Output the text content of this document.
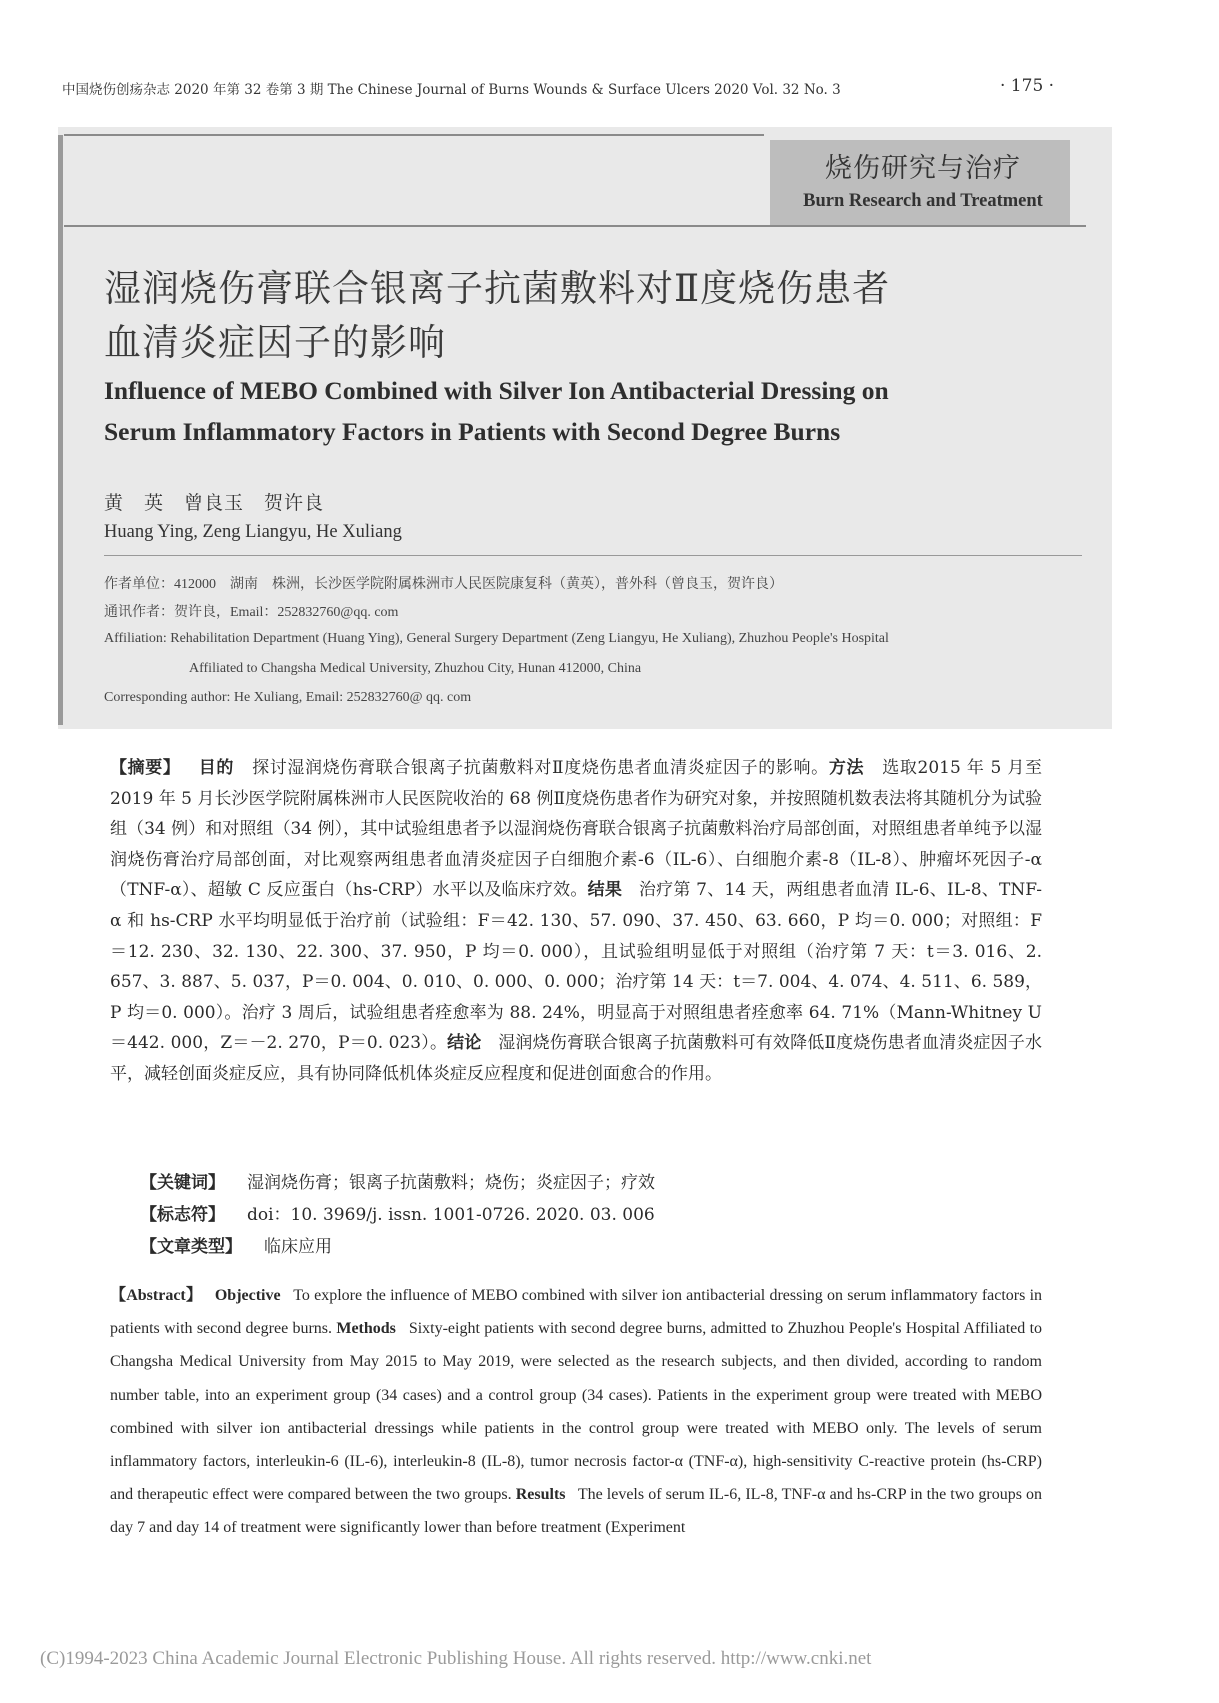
中国烧伤创疡杂志 2020 年第 32 卷第 3 期 The Chinese Journal of Burns Wounds & Surface Ulcers 2020 Vol. 32 No. 3	· 175 ·
烧伤研究与治疗
Burn Research and Treatment
湿润烧伤膏联合银离子抗菌敷料对Ⅱ度烧伤患者
血清炎症因子的影响
Influence of MEBO Combined with Silver Ion Antibacterial Dressing on
Serum Inflammatory Factors in Patients with Second Degree Burns
黄　英　曾良玉　贺许良
Huang Ying, Zeng Liangyu, He Xuliang
作者单位：412000　湖南　株洲，长沙医学院附属株洲市人民医院康复科（黄英），普外科（曾良玉，贺许良）
通讯作者：贺许良，Email：252832760@qq. com
Affiliation: Rehabilitation Department (Huang Ying), General Surgery Department (Zeng Liangyu, He Xuliang), Zhuzhou People's Hospital
Affiliated to Changsha Medical University, Zhuzhou City, Hunan 412000, China
Corresponding author: He Xuliang, Email: 252832760@ qq. com
【摘要】 目的 探讨湿润烧伤膏联合银离子抗菌敷料对Ⅱ度烧伤患者血清炎症因子的影响。方法 选取2015 年 5 月至 2019 年 5 月长沙医学院附属株洲市人民医院收治的 68 例Ⅱ度烧伤患者作为研究对象，并按照随机数表法将其随机分为试验组（34 例）和对照组（34 例），其中试验组患者予以湿润烧伤膏联合银离子抗菌敷料治疗局部创面，对照组患者单纯予以湿润烧伤膏治疗局部创面，对比观察两组患者血清炎症因子白细胞介素-6（IL-6）、白细胞介素-8（IL-8）、肿瘤坏死因子-α（TNF-α）、超敏 C 反应蛋白（hs-CRP）水平以及临床疗效。结果 治疗第 7、14 天，两组患者血清 IL-6、IL-8、TNF-α 和 hs-CRP 水平均明显低于治疗前（试验组：F＝42. 130、57. 090、37. 450、63. 660，P 均＝0. 000；对照组：F＝12. 230、32. 130、22. 300、37. 950，P 均＝0. 000），且试验组明显低于对照组（治疗第 7 天：t＝3. 016、2. 657、3. 887、5. 037，P＝0. 004、0. 010、0. 000、0. 000；治疗第 14 天：t＝7. 004、4. 074、4. 511、6. 589，P 均＝0. 000）。治疗 3 周后，试验组患者痊愈率为 88. 24%，明显高于对照组患者痊愈率 64. 71%（Mann-Whitney U＝442. 000，Z＝－2. 270，P＝0. 023）。结论 湿润烧伤膏联合银离子抗菌敷料可有效降低Ⅱ度烧伤患者血清炎症因子水平，减轻创面炎症反应，具有协同降低机体炎症反应程度和促进创面愈合的作用。
【关键词】 湿润烧伤膏；银离子抗菌敷料；烧伤；炎症因子；疗效
【标志符】 doi：10. 3969/j. issn. 1001-0726. 2020. 03. 006
【文章类型】 临床应用
【Abstract】 Objective To explore the influence of MEBO combined with silver ion antibacterial dressing on serum inflammatory factors in patients with second degree burns. Methods Sixty-eight patients with second degree burns, admitted to Zhuzhou People's Hospital Affiliated to Changsha Medical University from May 2015 to May 2019, were selected as the research subjects, and then divided, according to random number table, into an experiment group (34 cases) and a control group (34 cases). Patients in the experiment group were treated with MEBO combined with silver ion antibacterial dressings while patients in the control group were treated with MEBO only. The levels of serum inflammatory factors, interleukin-6 (IL-6), interleukin-8 (IL-8), tumor necrosis factor-α (TNF-α), high-sensitivity C-reactive protein (hs-CRP) and therapeutic effect were compared between the two groups. Results The levels of serum IL-6, IL-8, TNF-α and hs-CRP in the two groups on day 7 and day 14 of treatment were significantly lower than before treatment (Experiment
(C)1994-2023 China Academic Journal Electronic Publishing House. All rights reserved. http://www.cnki.net
